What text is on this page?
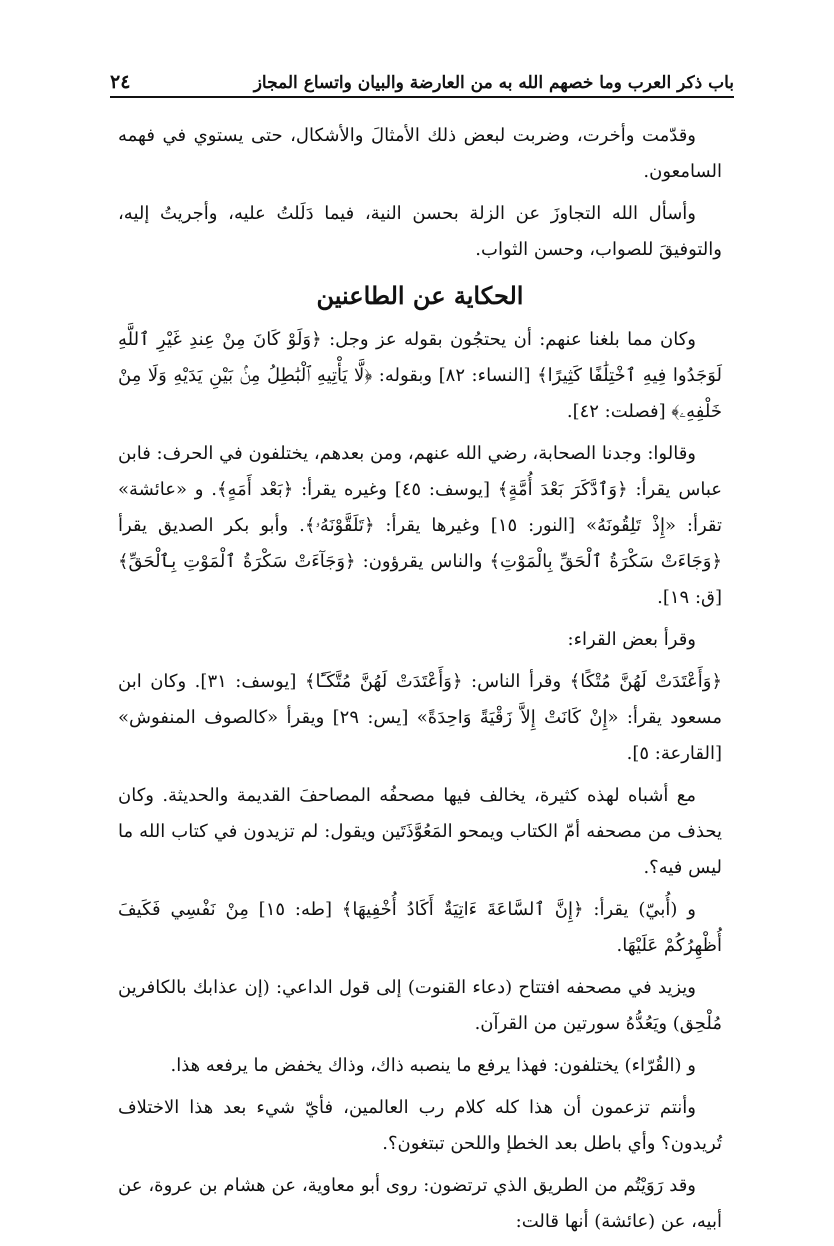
باب ذكر العرب وما خصهم الله به من العارضة والبيان واتساع المجاز
٢٤

وقدّمت وأخرت، وضربت لبعض ذلك الأمثالَ والأشكال، حتى يستوي في فهمه السامعون.

وأسأل الله التجاوزَ عن الزلة بحسن النية، فيما دَلَلتُ عليه، وأجريتُ إليه، والتوفيقَ للصواب، وحسن الثواب.

الحكاية عن الطاعنين

وكان مما بلغنا عنهم: أن يحتجُون بقوله عز وجل: ﴿وَلَوْ كَانَ مِنْ عِندِ غَيْرِ ٱللَّهِ لَوَجَدُوا فِيهِ ٱخْتِلَٰفًا كَثِيرًا﴾ [النساء: ٨٢] وبقوله: ﴿لَّا يَأْتِيهِ ٱلْبَٰطِلُ مِنۢ بَيْنِ يَدَيْهِ وَلَا مِنْ خَلْفِهِۦ﴾ [فصلت: ٤٢].

وقالوا: وجدنا الصحابة، رضي الله عنهم، ومن بعدهم، يختلفون في الحرف: فابن عباس يقرأ: ﴿وَٱدَّكَرَ بَعْدَ أُمَّةٍ﴾ [يوسف: ٤٥] وغيره يقرأ: ﴿بَعْد أَمَهٍ﴾. و «عائشة» تقرأ: «إِذْ تَلِقُونَهُ» [النور: ١٥] وغيرها يقرأ: ﴿تَلَقَّوْنَهُۥ﴾. وأبو بكر الصديق يقرأ ﴿وَجَاءَتْ سَكْرَةُ ٱلْحَقِّ بِالْمَوْتِ﴾ والناس يقرؤون: ﴿وَجَآءَتْ سَكْرَةُ ٱلْمَوْتِ بِٱلْحَقِّ﴾ [ق: ١٩].

وقرأ بعض القراء:

﴿وَأَعْتَدَتْ لَهُنَّ مُتْكًا﴾ وقرأ الناس: ﴿وَأَعْتَدَتْ لَهُنَّ مُتَّكَـًٔا﴾ [يوسف: ٣١]. وكان ابن مسعود يقرأ: «إِنْ كَانَتْ إِلاَّ زَقْيَةً وَاحِدَةً» [يس: ٢٩] ويقرأ «كالصوف المنفوش» [القارعة: ٥].

مع أشباه لهذه كثيرة، يخالف فيها مصحفُه المصاحفَ القديمة والحديثة. وكان يحذف من مصحفه أمّ الكتاب ويمحو المَعُوَّذَتَين ويقول: لم تزيدون في كتاب الله ما ليس فيه؟.

و (أُبيّ) يقرأ: ﴿إِنَّ ٱلسَّاعَةَ ءَاتِيَةٌ أَكَادُ أُخْفِيهَا﴾ [طه: ١٥] مِنْ نَفْسِي فَكَيفَ أُظْهِرُكُمْ عَلَيْهَا.

ويزيد في مصحفه افتتاح (دعاء القنوت) إلى قول الداعي: (إن عذابك بالكافرين مُلْحِق) ويَعُدُّهُ سورتين من القرآن.

و (القُرّاء) يختلفون: فهذا يرفع ما ينصبه ذاك، وذاك يخفض ما يرفعه هذا.

وأنتم تزعمون أن هذا كله كلام رب العالمين، فأيّ شيء بعد هذا الاختلاف تُريدون؟ وأي باطل بعد الخطإ واللحن تبتغون؟.

وقد رَوَيْتُم من الطريق الذي ترتضون: روى أبو معاوية، عن هشام بن عروة، عن أبيه، عن (عائشة) أنها قالت:
